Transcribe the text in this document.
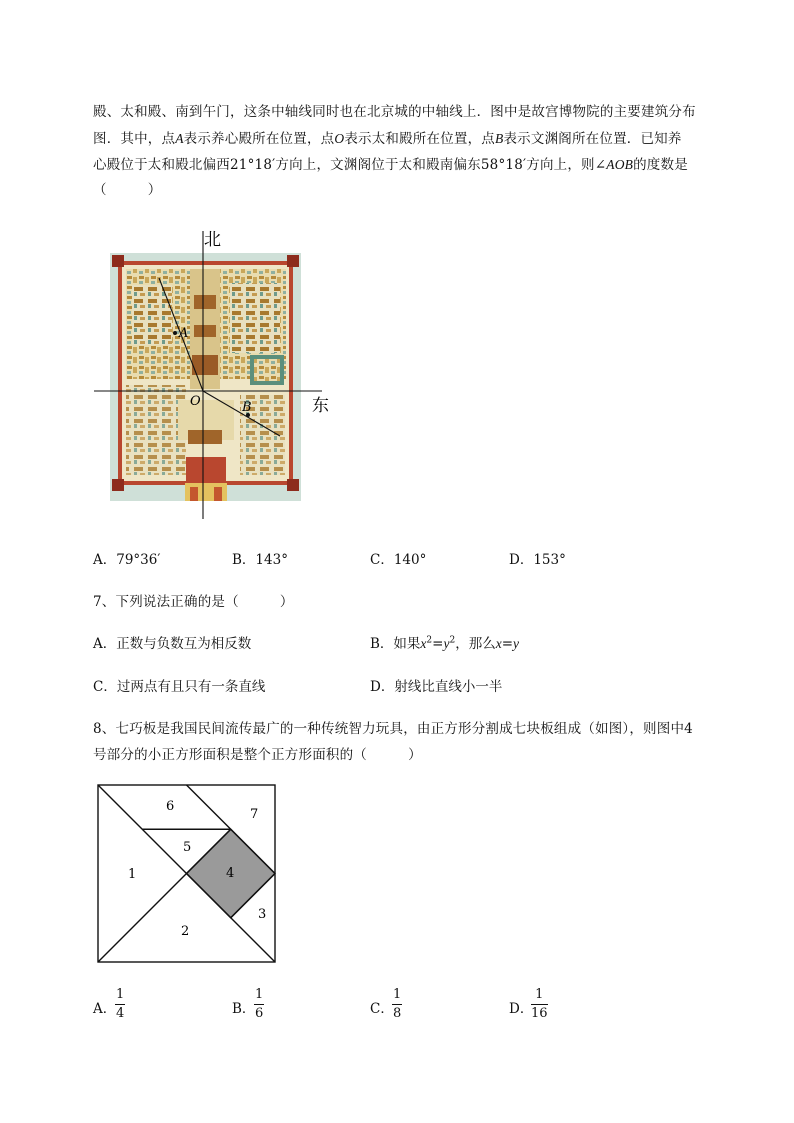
殿、太和殿、南到午门，这条中轴线同时也在北京城的中轴线上．图中是故宫博物院的主要建筑分布
图．其中，点A表示养心殿所在位置，点O表示太和殿所在位置，点B表示文渊阁所在位置．已知养
心殿位于太和殿北偏西21°18′方向上，文渊阁位于太和殿南偏东58°18′方向上，则∠AOB的度数是
（　　　）
北
东
A
O	B
A．79°36′	B．143°	C．140°	D．153°
7、下列说法正确的是（　　　）
A．正数与负数互为相反数	B．如果$x^2=y^2$，那么x=y
C．过两点有且只有一条直线	D．射线比直线小一半
8、七巧板是我国民间流传最广的一种传统智力玩具，由正方形分割成七块板组成（如图），则图中4
号部分的小正方形面积是整个正方形面积的（　　　）
1
2
3
4
5
6
7
A．
1
4	B．
1
6	C．
1
8	D．
1
16
